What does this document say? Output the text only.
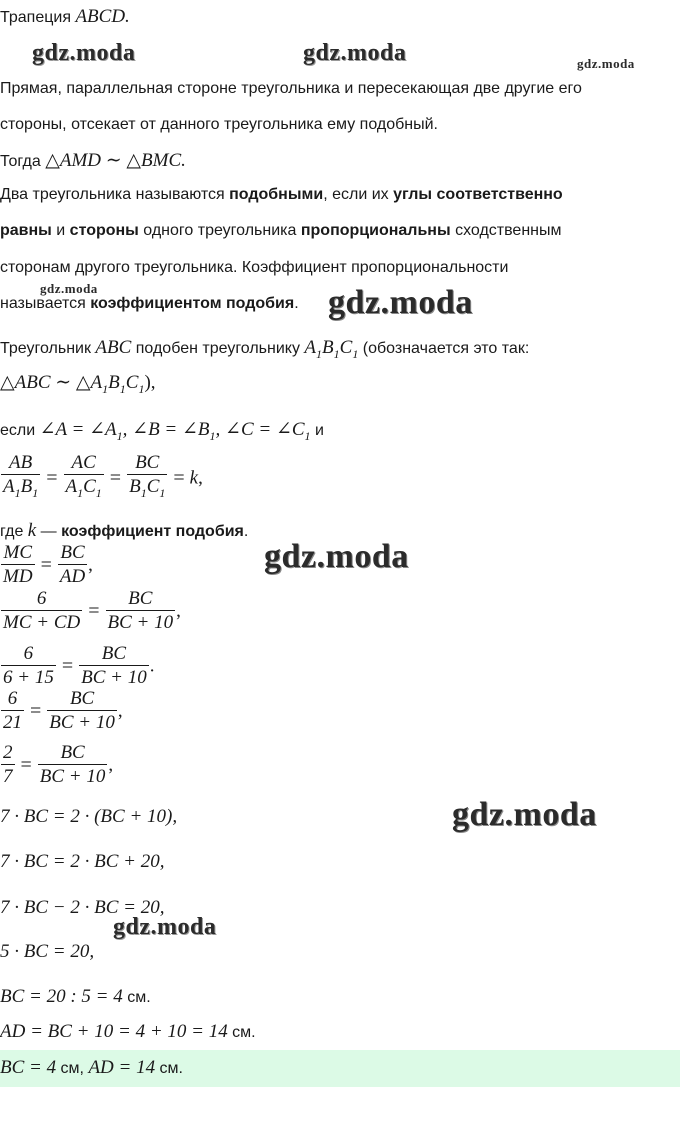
gdz.moda	gdz.moda	gdz.moda
gdz.moda	gdz.moda
gdz.moda
gdz.moda
gdz.moda
Трапеция ABCD.
Прямая, параллельная стороне треугольника и пересекающая две другие его
стороны, отсекает от данного треугольника ему подобный.
Тогда △AMD ∼ △BMC.
Два треугольника называются подобными, если их углы соответственно
равны и стороны одного треугольника пропорциональны сходственным
сторонам другого треугольника. Коэффициент пропорциональности
называется коэффициентом подобия.
Треугольник ABC подобен треугольнику $A_1B_1C_1$ (обозначается это так:
△ABC ∼ $\triangle A_1B_1C_1$),
если ∠A = $\angle A_1$, ∠B = $\angle B_1$, ∠C = $\angle C_1$ и
$\frac{AB}{A_1B_1} = \frac{AC}{A_1C_1} = \frac{BC}{B_1C_1} = k$,
где k — коэффициент подобия.
$\frac{MC}{MD} = \frac{BC}{AD}$ ,
$\frac{6}{MC + CD} = \frac{BC}{BC + 10}$ ,
$\frac{6}{6 + 15} = \frac{BC}{BC + 10}$ .
$\frac{6}{21} = \frac{BC}{BC + 10}$ ,
$\frac{2}{7} = \frac{BC}{BC + 10}$ ,
7 · BC = 2 · (BC + 10),
7 · BC = 2 · BC + 20,
7 · BC − 2 · BC = 20,
5 · BC = 20,
BC = 20 : 5 = 4 см.
AD = BC + 10 = 4 + 10 = 14 см.
BC = 4 см, AD = 14 см.
